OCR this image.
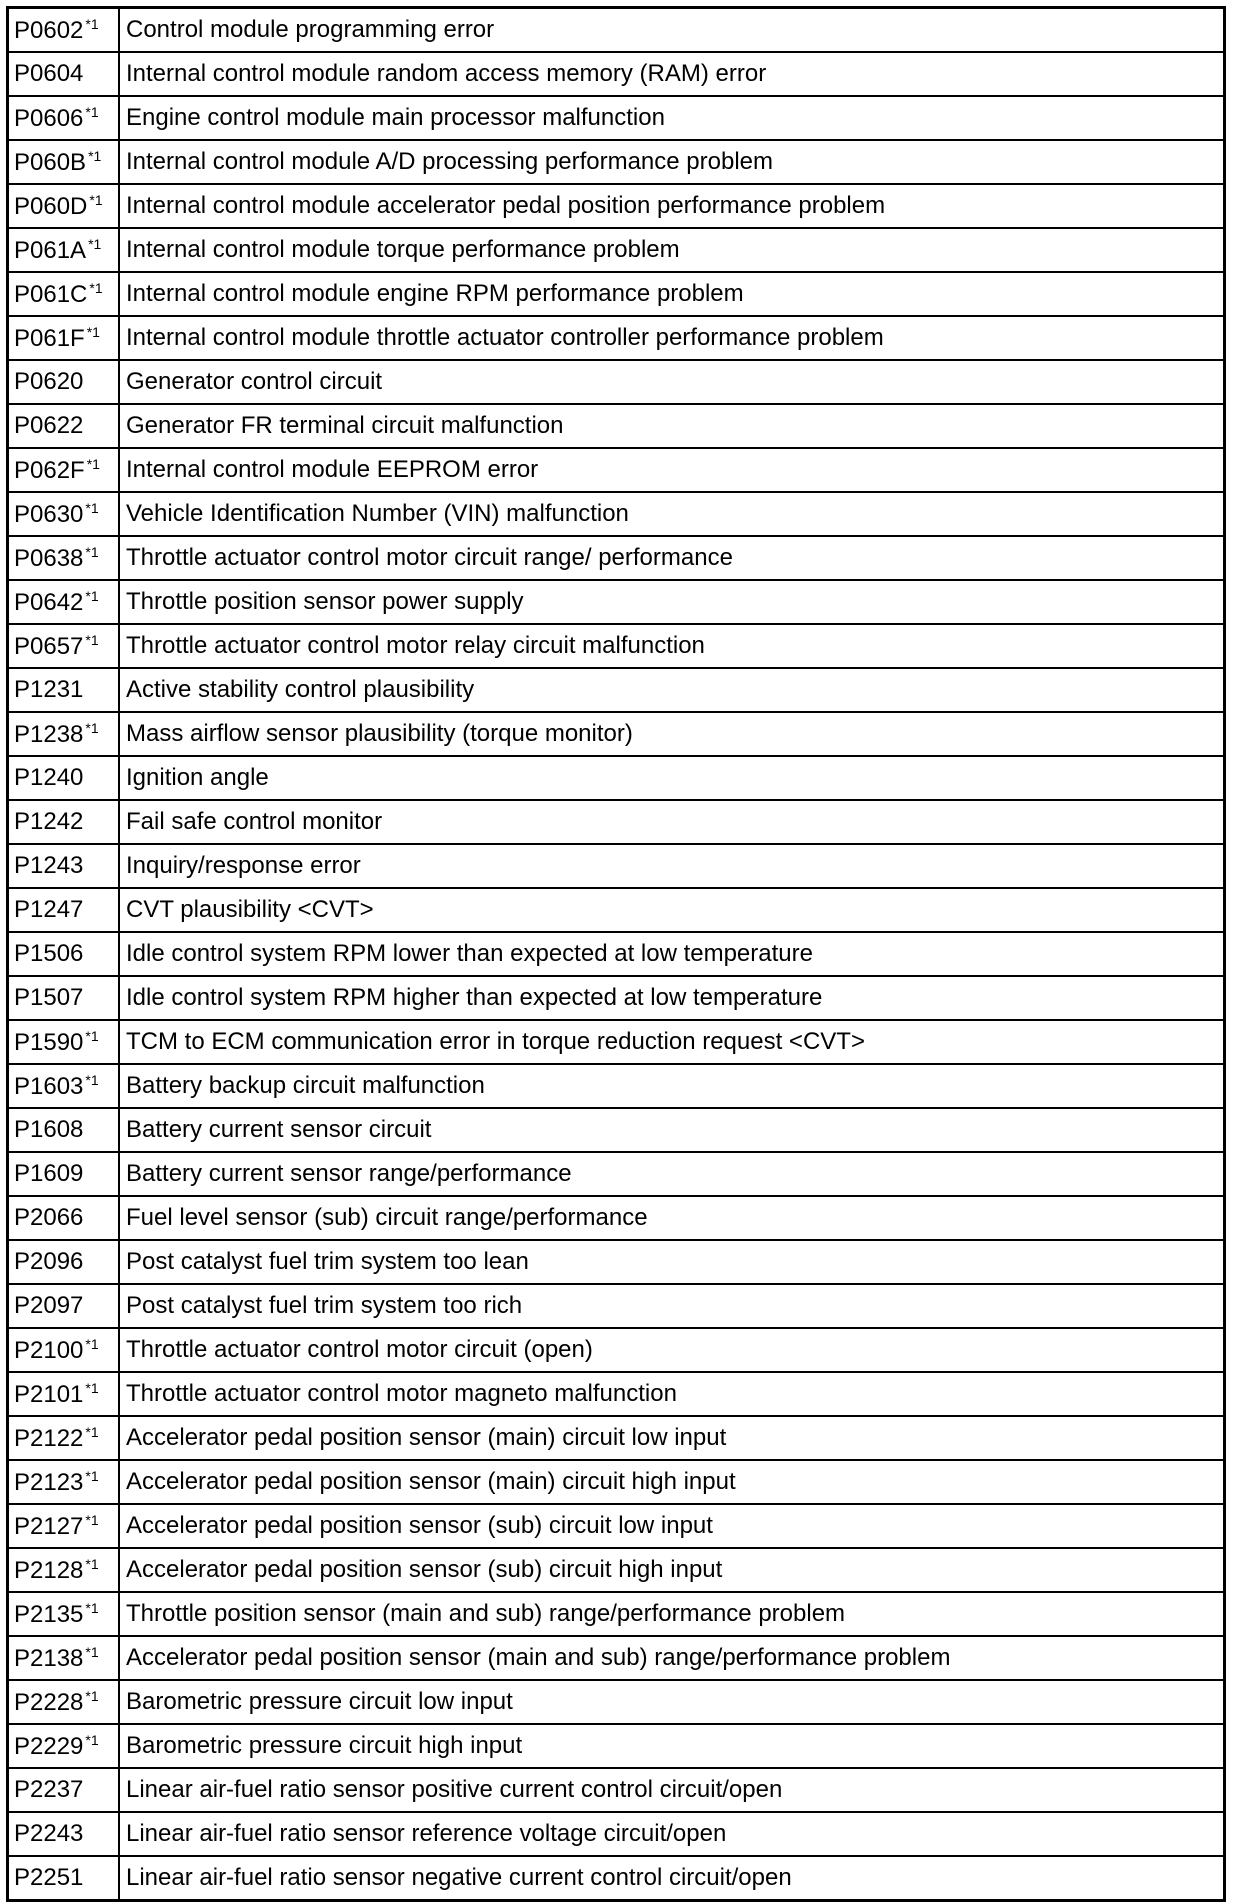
P0602 $^{*1}$	Control module programming error
P0604	Internal control module random access memory (RAM) error
P0606 $^{*1}$	Engine control module main processor malfunction
P060B $^{*1}$	Internal control module A/D processing performance problem
P060D $^{*1}$	Internal control module accelerator pedal position performance problem
P061A $^{*1}$	Internal control module torque performance problem
P061C $^{*1}$	Internal control module engine RPM performance problem
P061F $^{*1}$	Internal control module throttle actuator controller performance problem
P0620	Generator control circuit
P0622	Generator FR terminal circuit malfunction
P062F $^{*1}$	Internal control module EEPROM error
P0630 $^{*1}$	Vehicle Identification Number (VIN) malfunction
P0638 $^{*1}$	Throttle actuator control motor circuit range/ performance
P0642 $^{*1}$	Throttle position sensor power supply
P0657 $^{*1}$	Throttle actuator control motor relay circuit malfunction
P1231	Active stability control plausibility
P1238 $^{*1}$	Mass airflow sensor plausibility (torque monitor)
P1240	Ignition angle
P1242	Fail safe control monitor
P1243	Inquiry/response error
P1247	CVT plausibility <CVT>
P1506	Idle control system RPM lower than expected at low temperature
P1507	Idle control system RPM higher than expected at low temperature
P1590 $^{*1}$	TCM to ECM communication error in torque reduction request <CVT>
P1603 $^{*1}$	Battery backup circuit malfunction
P1608	Battery current sensor circuit
P1609	Battery current sensor range/performance
P2066	Fuel level sensor (sub) circuit range/performance
P2096	Post catalyst fuel trim system too lean
P2097	Post catalyst fuel trim system too rich
P2100 $^{*1}$	Throttle actuator control motor circuit (open)
P2101 $^{*1}$	Throttle actuator control motor magneto malfunction
P2122 $^{*1}$	Accelerator pedal position sensor (main) circuit low input
P2123 $^{*1}$	Accelerator pedal position sensor (main) circuit high input
P2127 $^{*1}$	Accelerator pedal position sensor (sub) circuit low input
P2128 $^{*1}$	Accelerator pedal position sensor (sub) circuit high input
P2135 $^{*1}$	Throttle position sensor (main and sub) range/performance problem
P2138 $^{*1}$	Accelerator pedal position sensor (main and sub) range/performance problem
P2228 $^{*1}$	Barometric pressure circuit low input
P2229 $^{*1}$	Barometric pressure circuit high input
P2237	Linear air-fuel ratio sensor positive current control circuit/open
P2243	Linear air-fuel ratio sensor reference voltage circuit/open
P2251	Linear air-fuel ratio sensor negative current control circuit/open
